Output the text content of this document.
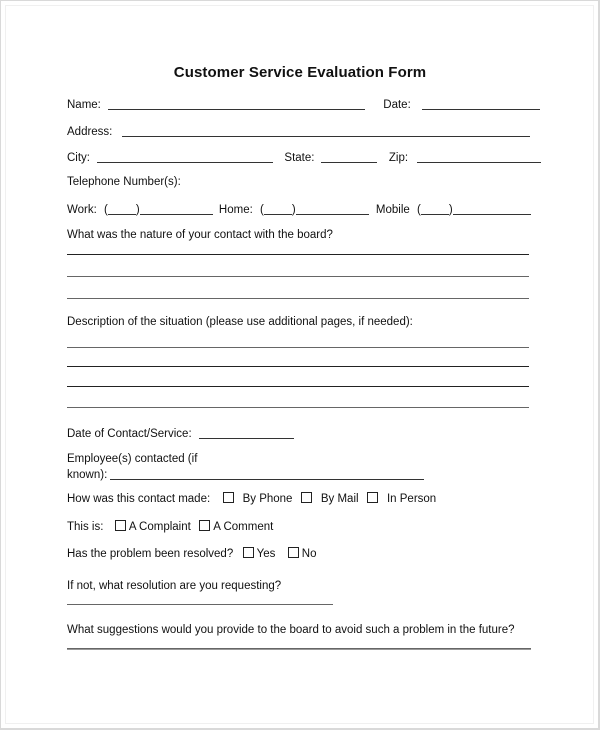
Customer Service Evaluation Form
Name:	Date:
Address:
City:	State:	Zip:
Telephone Number(s):
Work: ( )	Home: ( )	Mobile ( )
What was the nature of your contact with the board?
Description of the situation (please use additional pages, if needed):
Date of Contact/Service:
Employee(s) contacted (if
known):
How was this contact made:	By Phone By Mail In Person
This is: A Complaint A Comment
Has the problem been resolved? Yes No
If not, what resolution are you requesting?
What suggestions would you provide to the board to avoid such a problem in the future?
